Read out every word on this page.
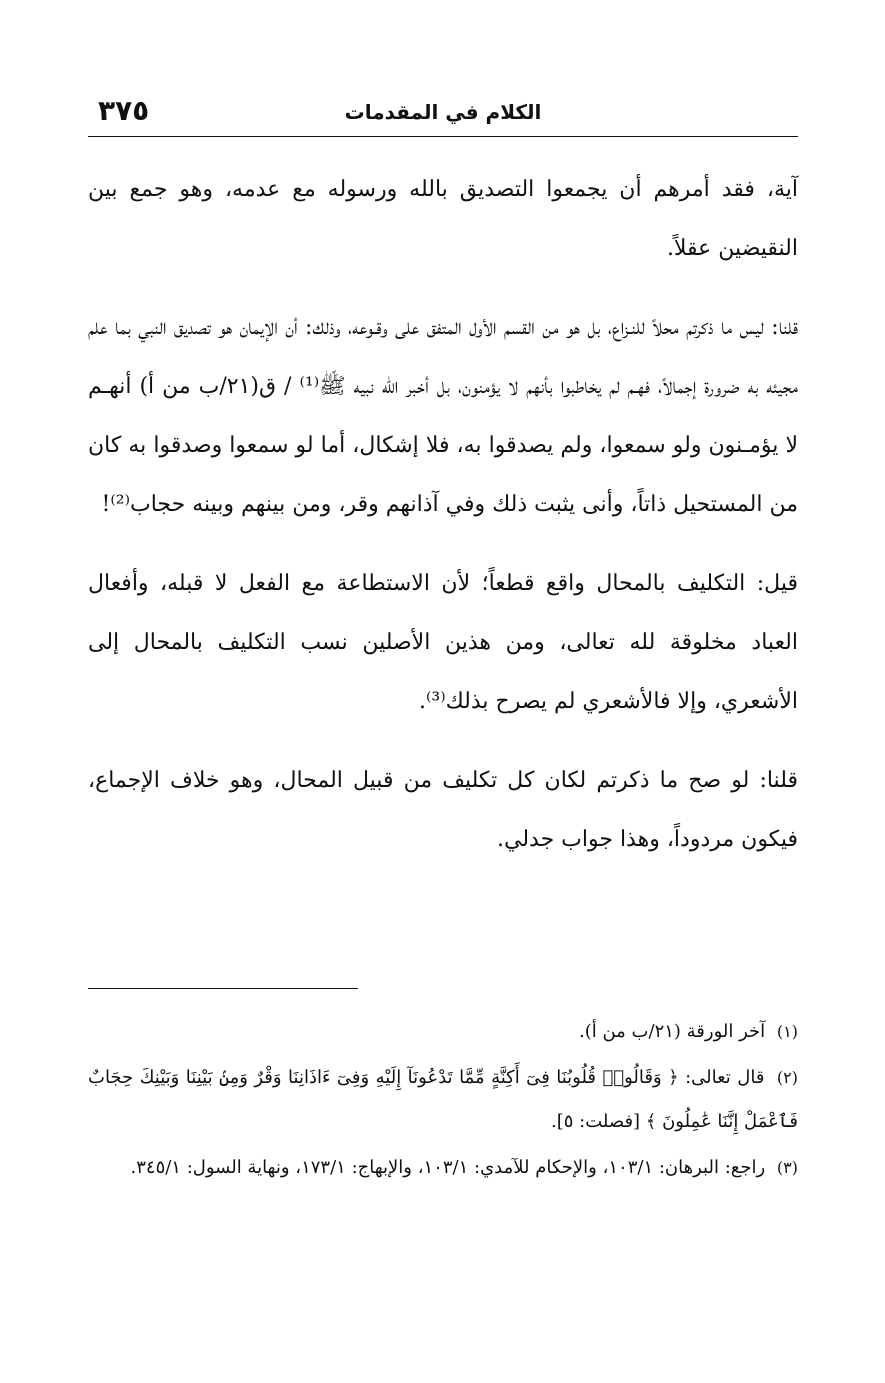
الكلام في المقدمات
٣٧٥

آية، فقد أمرهم أن يجمعوا التصديق بالله ورسوله مع عدمه، وهو جمع بين النقيضين عقلاً.

قلنا: ليس ما ذكرتم محلاً للنـزاع، بل هو من القسم الأول المتفق على وقـوعه، وذلك: أن الإيمان هو تصديق النبي بما علم مجيئه به ضرورة إجمالاً، فهـم لم يخاطبوا بأنهم لا يؤمنون، بل أخبر الله نبيه ﷺ⁽¹⁾ / ق(٢١/ب من أ) أنهـم لا يؤمـنون ولو سمعوا، ولم يصدقوا به، فلا إشكال، أما لو سمعوا وصدقوا به كان من المستحيل ذاتاً، وأنى يثبت ذلك وفي آذانهم وقر، ومن بينهم وبينه حجاب⁽²⁾!

قيل: التكليف بالمحال واقع قطعاً؛ لأن الاستطاعة مع الفعل لا قبله، وأفعال العباد مخلوقة لله تعالى، ومن هذين الأصلين نسب التكليف بالمحال إلى الأشعري، وإلا فالأشعري لم يصرح بذلك⁽³⁾.

قلنا: لو صح ما ذكرتم لكان كل تكليف من قبيل المحال، وهو خلاف الإجماع، فيكون مردوداً، وهذا جواب جدلي.

(١) آخر الورقة (٢١/ب من أ).
(٢) قال تعالى: ﴿ وَقَالُوا۟ قُلُوبُنَا فِىٓ أَكِنَّةٍ مِّمَّا تَدْعُونَآ إِلَيْهِ وَفِىٓ ءَاذَانِنَا وَقْرٌ وَمِنۢ بَيْنِنَا وَبَيْنِكَ حِجَابٌ فَٱعْمَلْ إِنَّنَا عَٰمِلُونَ ﴾ [فصلت: ٥].
(٣) راجع: البرهان: ١٠٣/١، والإحكام للآمدي: ١٠٣/١، والإبهاج: ١٧٣/١، ونهاية السول: ٣٤٥/١.
